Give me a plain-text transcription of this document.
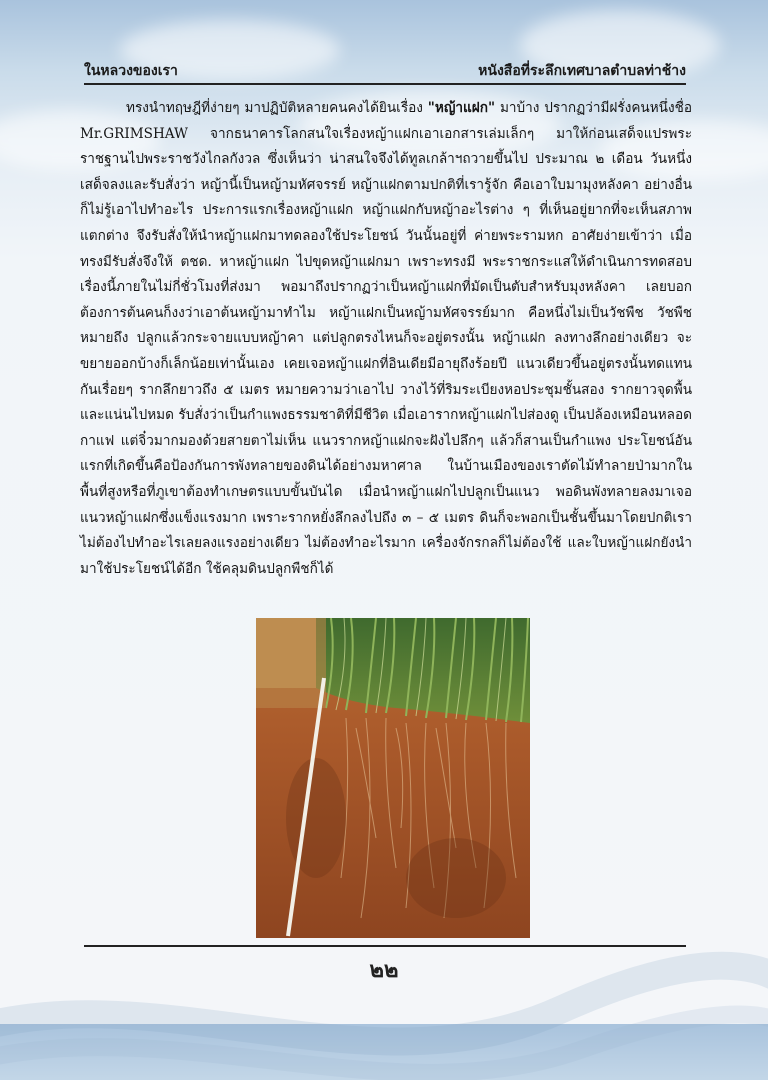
ในหลวงของเรา	หนังสือที่ระลึกเทศบาลตำบลท่าช้าง

ทรงนำทฤษฎีที่ง่ายๆ มาปฏิบัติหลายคนคงได้ยินเรื่อง "หญ้าแฝก" มาบ้าง ปรากฏว่ามีฝรั่งคนหนึ่งชื่อ Mr.GRIMSHAW จากธนาคารโลกสนใจเรื่องหญ้าแฝกเอาเอกสารเล่มเล็กๆ มาให้ก่อนเสด็จแปรพระราชฐานไปพระราชวังไกลกังวล ซึ่งเห็นว่า น่าสนใจจึงได้ทูลเกล้าฯถวายขึ้นไป ประมาณ ๒ เดือน วันหนึ่งเสด็จลงและรับสั่งว่า หญ้านี้เป็นหญ้ามหัศจรรย์ หญ้าแฝกตามปกติที่เรารู้จัก คือเอาใบมามุงหลังคา อย่างอื่นก็ไม่รู้เอาไปทำอะไร ประการแรกเรื่องหญ้าแฝก หญ้าแฝกกับหญ้าอะไรต่าง ๆ ที่เห็นอยู่ยากที่จะเห็นสภาพแตกต่าง จึงรับสั่งให้นำหญ้าแฝกมาทดลองใช้ประโยชน์ วันนั้นอยู่ที่ ค่ายพระรามหก อาศัยง่ายเข้าว่า เมื่อทรงมีรับสั่งจึงให้ ตชด. หาหญ้าแฝก ไปขุดหญ้าแฝกมา เพราะทรงมี พระราชกระแสให้ดำเนินการทดสอบเรื่องนี้ภายในไม่กี่ชั่วโมงที่ส่งมา พอมาถึงปรากฏว่าเป็นหญ้าแฝกที่มัดเป็นตับสำหรับมุงหลังคา เลยบอกต้องการต้นคนก็งงว่าเอาต้นหญ้ามาทำไม หญ้าแฝกเป็นหญ้ามหัศจรรย์มาก คือหนึ่งไม่เป็นวัชพืช วัชพืชหมายถึง ปลูกแล้วกระจายแบบหญ้าคา แต่ปลูกตรงไหนก็จะอยู่ตรงนั้น หญ้าแฝก ลงทางลึกอย่างเดียว จะขยายออกบ้างก็เล็กน้อยเท่านั้นเอง เคยเจอหญ้าแฝกที่อินเดียมีอายุถึงร้อยปี แนวเดียวขึ้นอยู่ตรงนั้นทดแทนกันเรื่อยๆ รากลึกยาวถึง ๕ เมตร หมายความว่าเอาไป วางไว้ที่ริมระเบียงหอประชุมชั้นสอง รากยาวจุดพื้นและแน่นไปหมด รับสั่งว่าเป็นกำแพงธรรมชาติที่มีชีวิต เมื่อเอารากหญ้าแฝกไปส่องดู เป็นปล้องเหมือนหลอดกาแฟ แต่จิ๋วมากมองด้วยสายตาไม่เห็น แนวรากหญ้าแฝกจะฝังไปลึกๆ แล้วก็สานเป็นกำแพง ประโยชน์อันแรกที่เกิดขึ้นคือป้องกันการพังทลายของดินได้อย่างมหาศาล ในบ้านเมืองของเราตัดไม้ทำลายป่ามากในพื้นที่สูงหรือที่ภูเขาต้องทำเกษตรแบบขั้นบันได เมื่อนำหญ้าแฝกไปปลูกเป็นแนว พอดินพังทลายลงมาเจอแนวหญ้าแฝกซึ่งแข็งแรงมาก เพราะรากหยั่งลึกลงไปถึง ๓ – ๕ เมตร ดินก็จะพอกเป็นชั้นขึ้นมาโดยปกติเราไม่ต้องไปทำอะไรเลยลงแรงอย่างเดียว ไม่ต้องทำอะไรมาก เครื่องจักรกลก็ไม่ต้องใช้ และใบหญ้าแฝกยังนำมาใช้ประโยชน์ได้อีก ใช้คลุมดินปลูกพืชก็ได้

๒๒
